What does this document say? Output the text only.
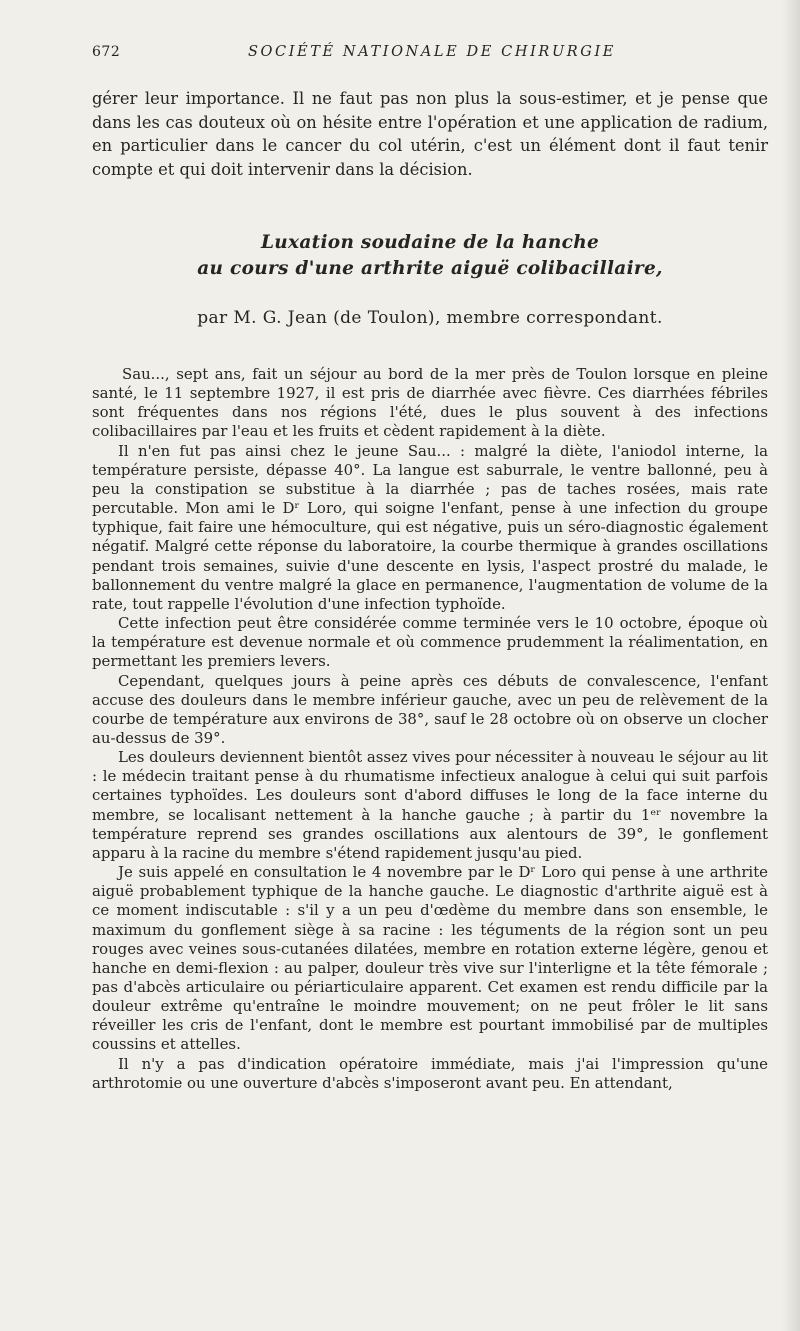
672	SOCIÉTÉ NATIONALE DE CHIRURGIE

gérer leur importance. Il ne faut pas non plus la sous-estimer, et je pense que dans les cas douteux où on hésite entre l'opération et une application de radium, en particulier dans le cancer du col utérin, c'est un élément dont il faut tenir compte et qui doit intervenir dans la décision.

Luxation soudaine de la hanche
au cours d'une arthrite aiguë colibacillaire,
par M. G. Jean (de Toulon), membre correspondant.

Sau..., sept ans, fait un séjour au bord de la mer près de Toulon lorsque en pleine santé, le 11 septembre 1927, il est pris de diarrhée avec fièvre. Ces diarrhées fébriles sont fréquentes dans nos régions l'été, dues le plus souvent à des infections colibacillaires par l'eau et les fruits et cèdent rapidement à la diète.

Il n'en fut pas ainsi chez le jeune Sau... : malgré la diète, l'aniodol interne, la température persiste, dépasse 40°. La langue est saburrale, le ventre ballonné, peu à peu la constipation se substitue à la diarrhée ; pas de taches rosées, mais rate percutable. Mon ami le Dʳ Loro, qui soigne l'enfant, pense à une infection du groupe typhique, fait faire une hémoculture, qui est négative, puis un séro-diagnostic également négatif. Malgré cette réponse du laboratoire, la courbe thermique à grandes oscillations pendant trois semaines, suivie d'une descente en lysis, l'aspect prostré du malade, le ballonnement du ventre malgré la glace en permanence, l'augmentation de volume de la rate, tout rappelle l'évolution d'une infection typhoïde.

Cette infection peut être considérée comme terminée vers le 10 octobre, époque où la température est devenue normale et où commence prudemment la réalimentation, en permettant les premiers levers.

Cependant, quelques jours à peine après ces débuts de convalescence, l'enfant accuse des douleurs dans le membre inférieur gauche, avec un peu de relèvement de la courbe de température aux environs de 38°, sauf le 28 octobre où on observe un clocher au-dessus de 39°.

Les douleurs deviennent bientôt assez vives pour nécessiter à nouveau le séjour au lit : le médecin traitant pense à du rhumatisme infectieux analogue à celui qui suit parfois certaines typhoïdes. Les douleurs sont d'abord diffuses le long de la face interne du membre, se localisant nettement à la hanche gauche ; à partir du 1ᵉʳ novembre la température reprend ses grandes oscillations aux alentours de 39°, le gonflement apparu à la racine du membre s'étend rapidement jusqu'au pied.

Je suis appelé en consultation le 4 novembre par le Dʳ Loro qui pense à une arthrite aiguë probablement typhique de la hanche gauche. Le diagnostic d'arthrite aiguë est à ce moment indiscutable : s'il y a un peu d'œdème du membre dans son ensemble, le maximum du gonflement siège à sa racine : les téguments de la région sont un peu rouges avec veines sous-cutanées dilatées, membre en rotation externe légère, genou et hanche en demi-flexion : au palper, douleur très vive sur l'interligne et la tête fémorale ; pas d'abcès articulaire ou périarticulaire apparent. Cet examen est rendu difficile par la douleur extrême qu'entraîne le moindre mouvement; on ne peut frôler le lit sans réveiller les cris de l'enfant, dont le membre est pourtant immobilisé par de multiples coussins et attelles.

Il n'y a pas d'indication opératoire immédiate, mais j'ai l'impression qu'une arthrotomie ou une ouverture d'abcès s'imposeront avant peu. En attendant,
